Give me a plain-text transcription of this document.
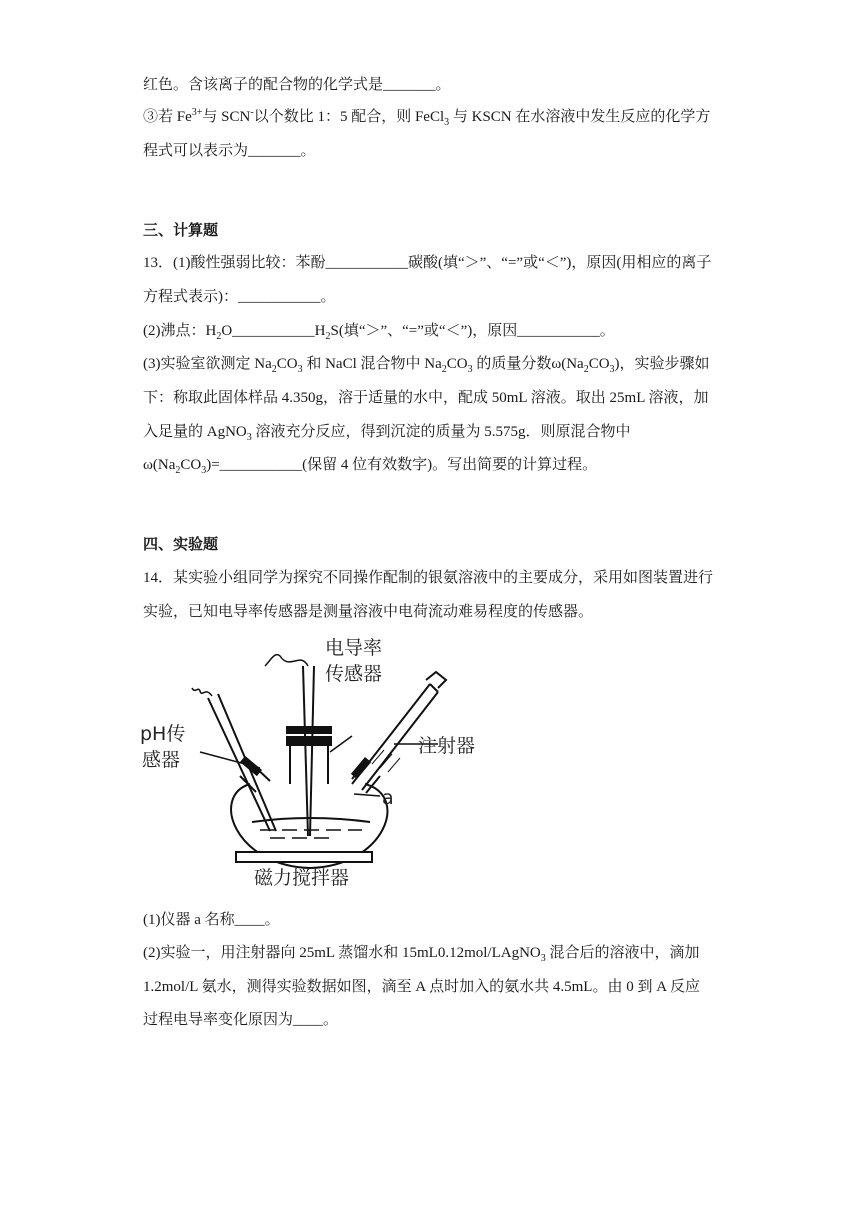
红色。含该离子的配合物的化学式是_______。
③若 $Fe^{3+}$与 SCN-以个数比 1：5 配合，则 FeCl$_3$ 与 KSCN 在水溶液中发生反应的化学方
程式可以表示为_______。
三、计算题
13．(1)酸性强弱比较：苯酚___________碳酸(填“＞”、“=”或“＜”)，原因(用相应的离子
方程式表示)：___________。
(2)沸点：$H_2O\_\_\_\_\_\_\_\_\_\_\_H_2S$(填“＞”、“=”或“＜”)，原因___________。
(3)实验室欲测定 $Na_2CO_3$ 和 NaCl 混合物中 $Na_2CO_3$ 的质量分数$\omega(Na_2CO_3)$，实验步骤如
下：称取此固体样品 4.350g，溶于适量的水中，配成 50mL 溶液。取出 25mL 溶液，加
入足量的 AgNO$_3$ 溶液充分反应，得到沉淀的质量为 5.575g．则原混合物中
$\omega(Na_2CO_3)=\_\_\_\_\_\_\_\_\_\_\_$(保留 4 位有效数字)。写出简要的计算过程。
四、实验题
14．某实验小组同学为探究不同操作配制的银氨溶液中的主要成分，采用如图装置进行
实验，已知电导率传感器是测量溶液中电荷流动难易程度的传感器。
电导率
传感器
pH传
感器
注射器
a
磁力搅拌器
(1)仪器 a 名称____。
(2)实验一，用注射器向 25mL 蒸馏水和 15mL0.12mol/LAgNO$_3$ 混合后的溶液中，滴加
1.2mol/L 氨水，测得实验数据如图，滴至 A 点时加入的氨水共 4.5mL。由 0 到 A 反应
过程电导率变化原因为____。
